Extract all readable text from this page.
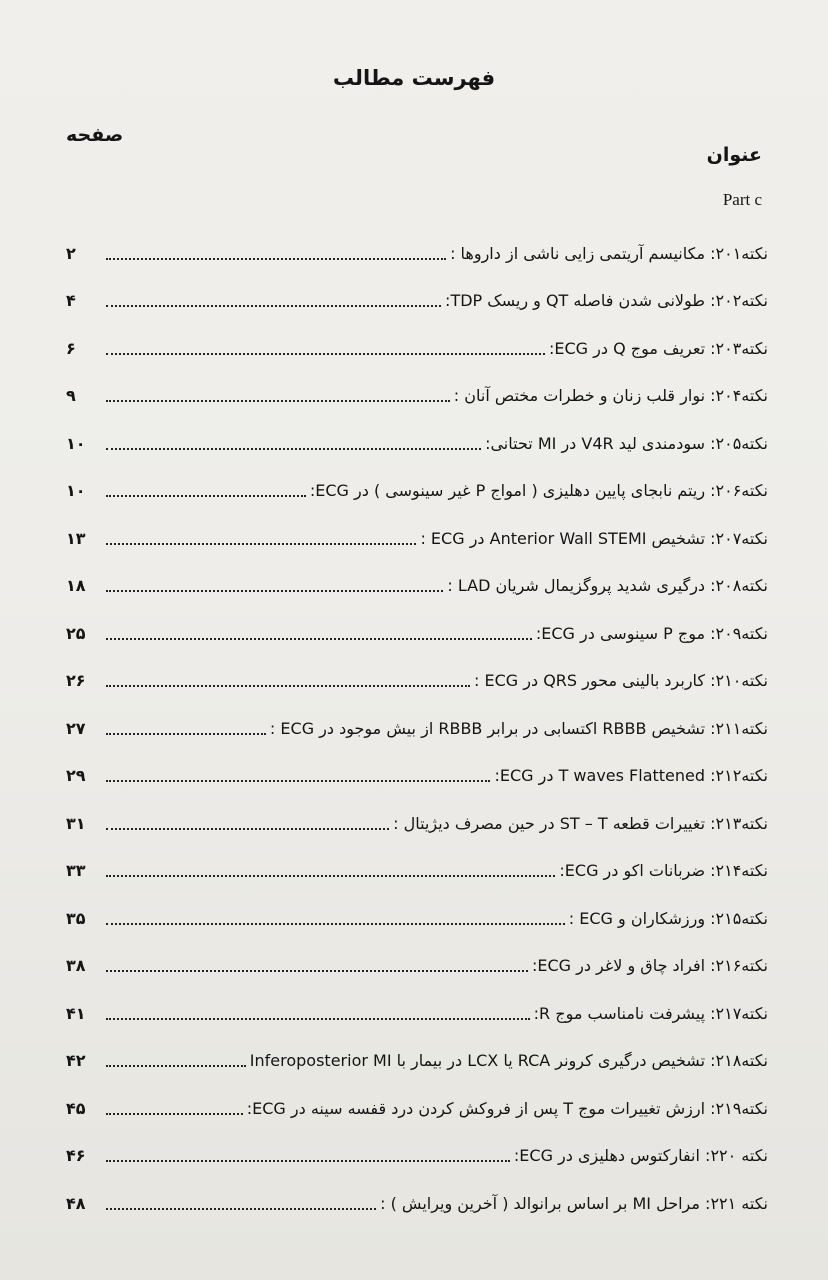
فهرست مطالب
صفحه
عنوان
Part c
نکته۲۰۱: مکانیسم آریتمی زایی ناشی از داروها :
۲
نکته۲۰۲: طولانی شدن فاصله QT و ریسک TDP:
۴
نکته۲۰۳: تعریف موج Q در ECG:
۶
نکته۲۰۴: نوار قلب زنان و خطرات مختص آنان :
۹
نکته۲۰۵: سودمندی لید V4R در MI تحتانی:
۱۰
نکته۲۰۶: ریتم نابجای پایین دهلیزی ( امواج P غیر سینوسی ) در ECG:
۱۰
نکته۲۰۷: تشخیص Anterior Wall STEMI در ECG :
۱۳
نکته۲۰۸: درگیری شدید پروگزیمال شریان LAD :
۱۸
نکته۲۰۹: موج P سینوسی در ECG:
۲۵
نکته۲۱۰: کاربرد بالینی محور QRS در ECG :
۲۶
نکته۲۱۱: تشخیص RBBB اکتسابی در برابر RBBB از بیش موجود در ECG :
۲۷
نکته۲۱۲: T waves Flattened در ECG:
۲۹
نکته۲۱۳: تغییرات قطعه ST – T در حین مصرف دیژیتال :
۳۱
نکته۲۱۴: ضربانات اکو در ECG:
۳۳
نکته۲۱۵: ورزشکاران و ECG :
۳۵
نکته۲۱۶: افراد چاق و لاغر در ECG:
۳۸
نکته۲۱۷: پیشرفت نامناسب موج R:
۴۱
نکته۲۱۸: تشخیص درگیری کرونر RCA یا LCX در بیمار با Inferoposterior MI
۴۲
نکته۲۱۹: ارزش تغییرات موج T پس از فروکش کردن درد قفسه سینه در ECG:
۴۵
نکته ۲۲۰: انفارکتوس دهلیزی در ECG:
۴۶
نکته ۲۲۱: مراحل MI بر اساس برانوالد ( آخرین ویرایش ) :
۴۸
